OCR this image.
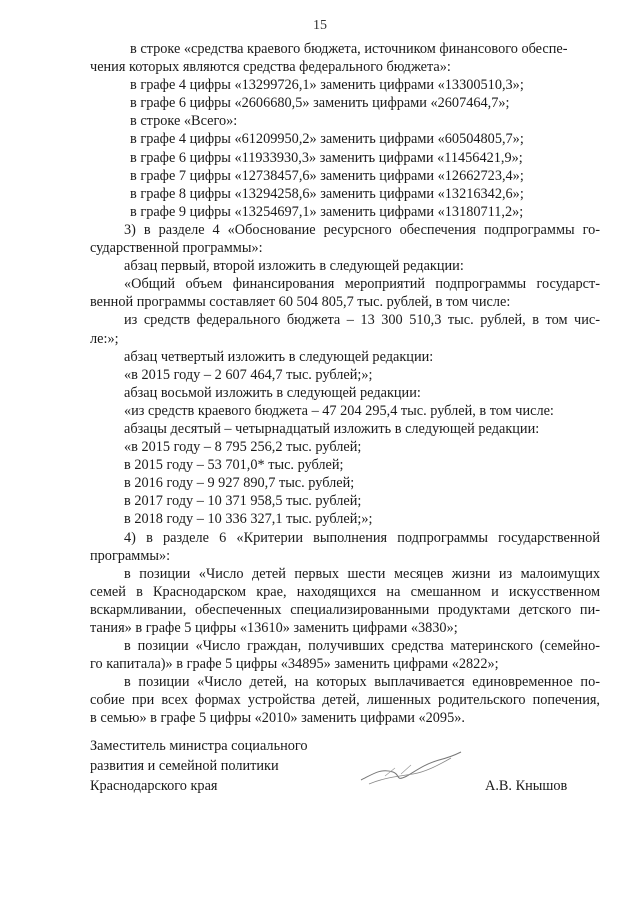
15

в строке «средства краевого бюджета, источником финансового обеспе-

чения которых являются средства федерального бюджета»:

в графе 4 цифры «13299726,1» заменить цифрами «13300510,3»;

в графе 6 цифры «2606680,5» заменить цифрами «2607464,7»;

в строке «Всего»:

в графе 4 цифры «61209950,2» заменить цифрами «60504805,7»;

в графе 6 цифры «11933930,3» заменить цифрами «11456421,9»;

в графе 7 цифры «12738457,6» заменить цифрами «12662723,4»;

в графе 8 цифры «13294258,6» заменить цифрами «13216342,6»;

в графе 9 цифры «13254697,1» заменить цифрами «13180711,2»;

3) в разделе 4 «Обоснование ресурсного обеспечения подпрограммы го-

сударственной программы»:

абзац первый, второй изложить в следующей редакции:

«Общий объем финансирования мероприятий подпрограммы государст-

венной программы составляет 60 504 805,7 тыс. рублей, в том числе:

из средств федерального бюджета – 13 300 510,3 тыс. рублей, в том чис-

ле:»;

абзац четвертый изложить в следующей редакции:

«в 2015 году – 2 607 464,7 тыс. рублей;»;

абзац восьмой изложить в следующей редакции:

«из средств краевого бюджета – 47 204 295,4 тыс. рублей, в том числе:

абзацы десятый – четырнадцатый изложить в следующей редакции:

«в 2015 году – 8 795 256,2 тыс. рублей;

в 2015 году – 53 701,0* тыс. рублей;

в 2016 году – 9 927 890,7 тыс. рублей;

в 2017 году – 10 371 958,5 тыс. рублей;

в 2018 году – 10 336 327,1 тыс. рублей;»;

4) в разделе 6 «Критерии выполнения подпрограммы государственной

программы»:

в позиции «Число детей первых шести месяцев жизни из малоимущих

семей в Краснодарском крае, находящихся на смешанном и искусственном

вскармливании, обеспеченных специализированными продуктами детского пи-

тания» в графе 5 цифры «13610» заменить цифрами «3830»;

в позиции «Число граждан, получивших средства материнского (семейно-

го капитала)» в графе 5 цифры «34895» заменить цифрами «2822»;

в позиции «Число детей, на которых выплачивается единовременное по-

собие при всех формах устройства детей, лишенных родительского попечения,

в семью» в графе 5 цифры «2010» заменить цифрами «2095».

Заместитель министра социального
развития и семейной политики
Краснодарского края	А.В. Кнышов
